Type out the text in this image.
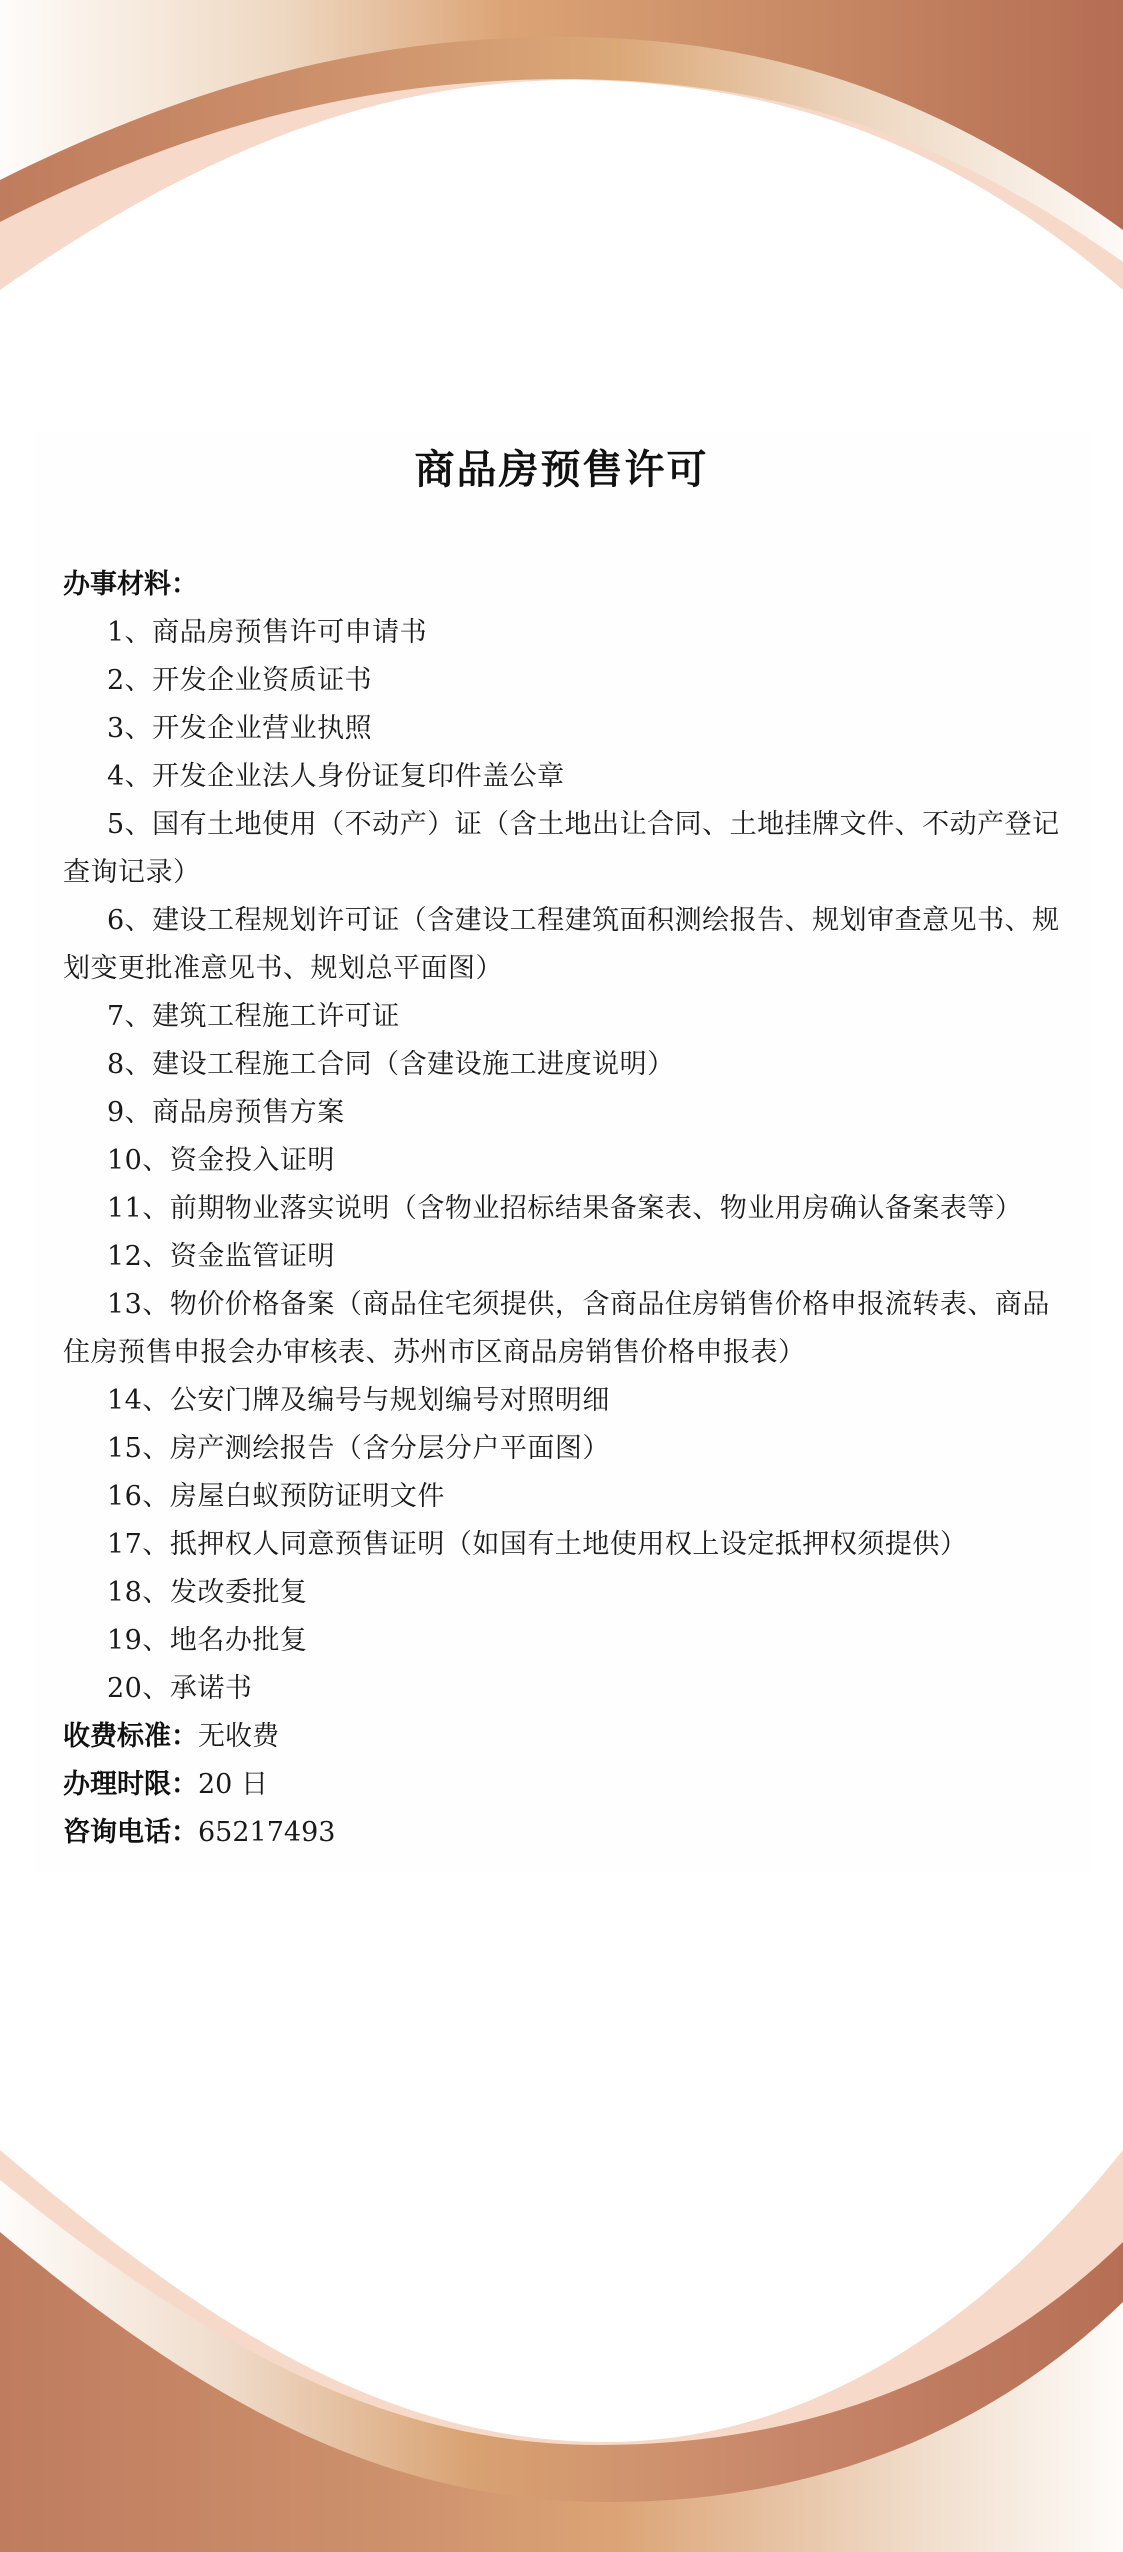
商品房预售许可
办事材料：

1、商品房预售许可申请书

2、开发企业资质证书

3、开发企业营业执照

4、开发企业法人身份证复印件盖公章

5、国有土地使用（不动产）证（含土地出让合同、土地挂牌文件、不动产登记查询记录）

6、建设工程规划许可证（含建设工程建筑面积测绘报告、规划审查意见书、规划变更批准意见书、规划总平面图）

7、建筑工程施工许可证

8、建设工程施工合同（含建设施工进度说明）

9、商品房预售方案

10、资金投入证明

11、前期物业落实说明（含物业招标结果备案表、物业用房确认备案表等）

12、资金监管证明

13、物价价格备案（商品住宅须提供，含商品住房销售价格申报流转表、商品住房预售申报会办审核表、苏州市区商品房销售价格申报表）

14、公安门牌及编号与规划编号对照明细

15、房产测绘报告（含分层分户平面图）

16、房屋白蚁预防证明文件

17、抵押权人同意预售证明（如国有土地使用权上设定抵押权须提供）

18、发改委批复

19、地名办批复

20、承诺书

收费标准：无收费

办理时限：20 日

咨询电话：65217493
